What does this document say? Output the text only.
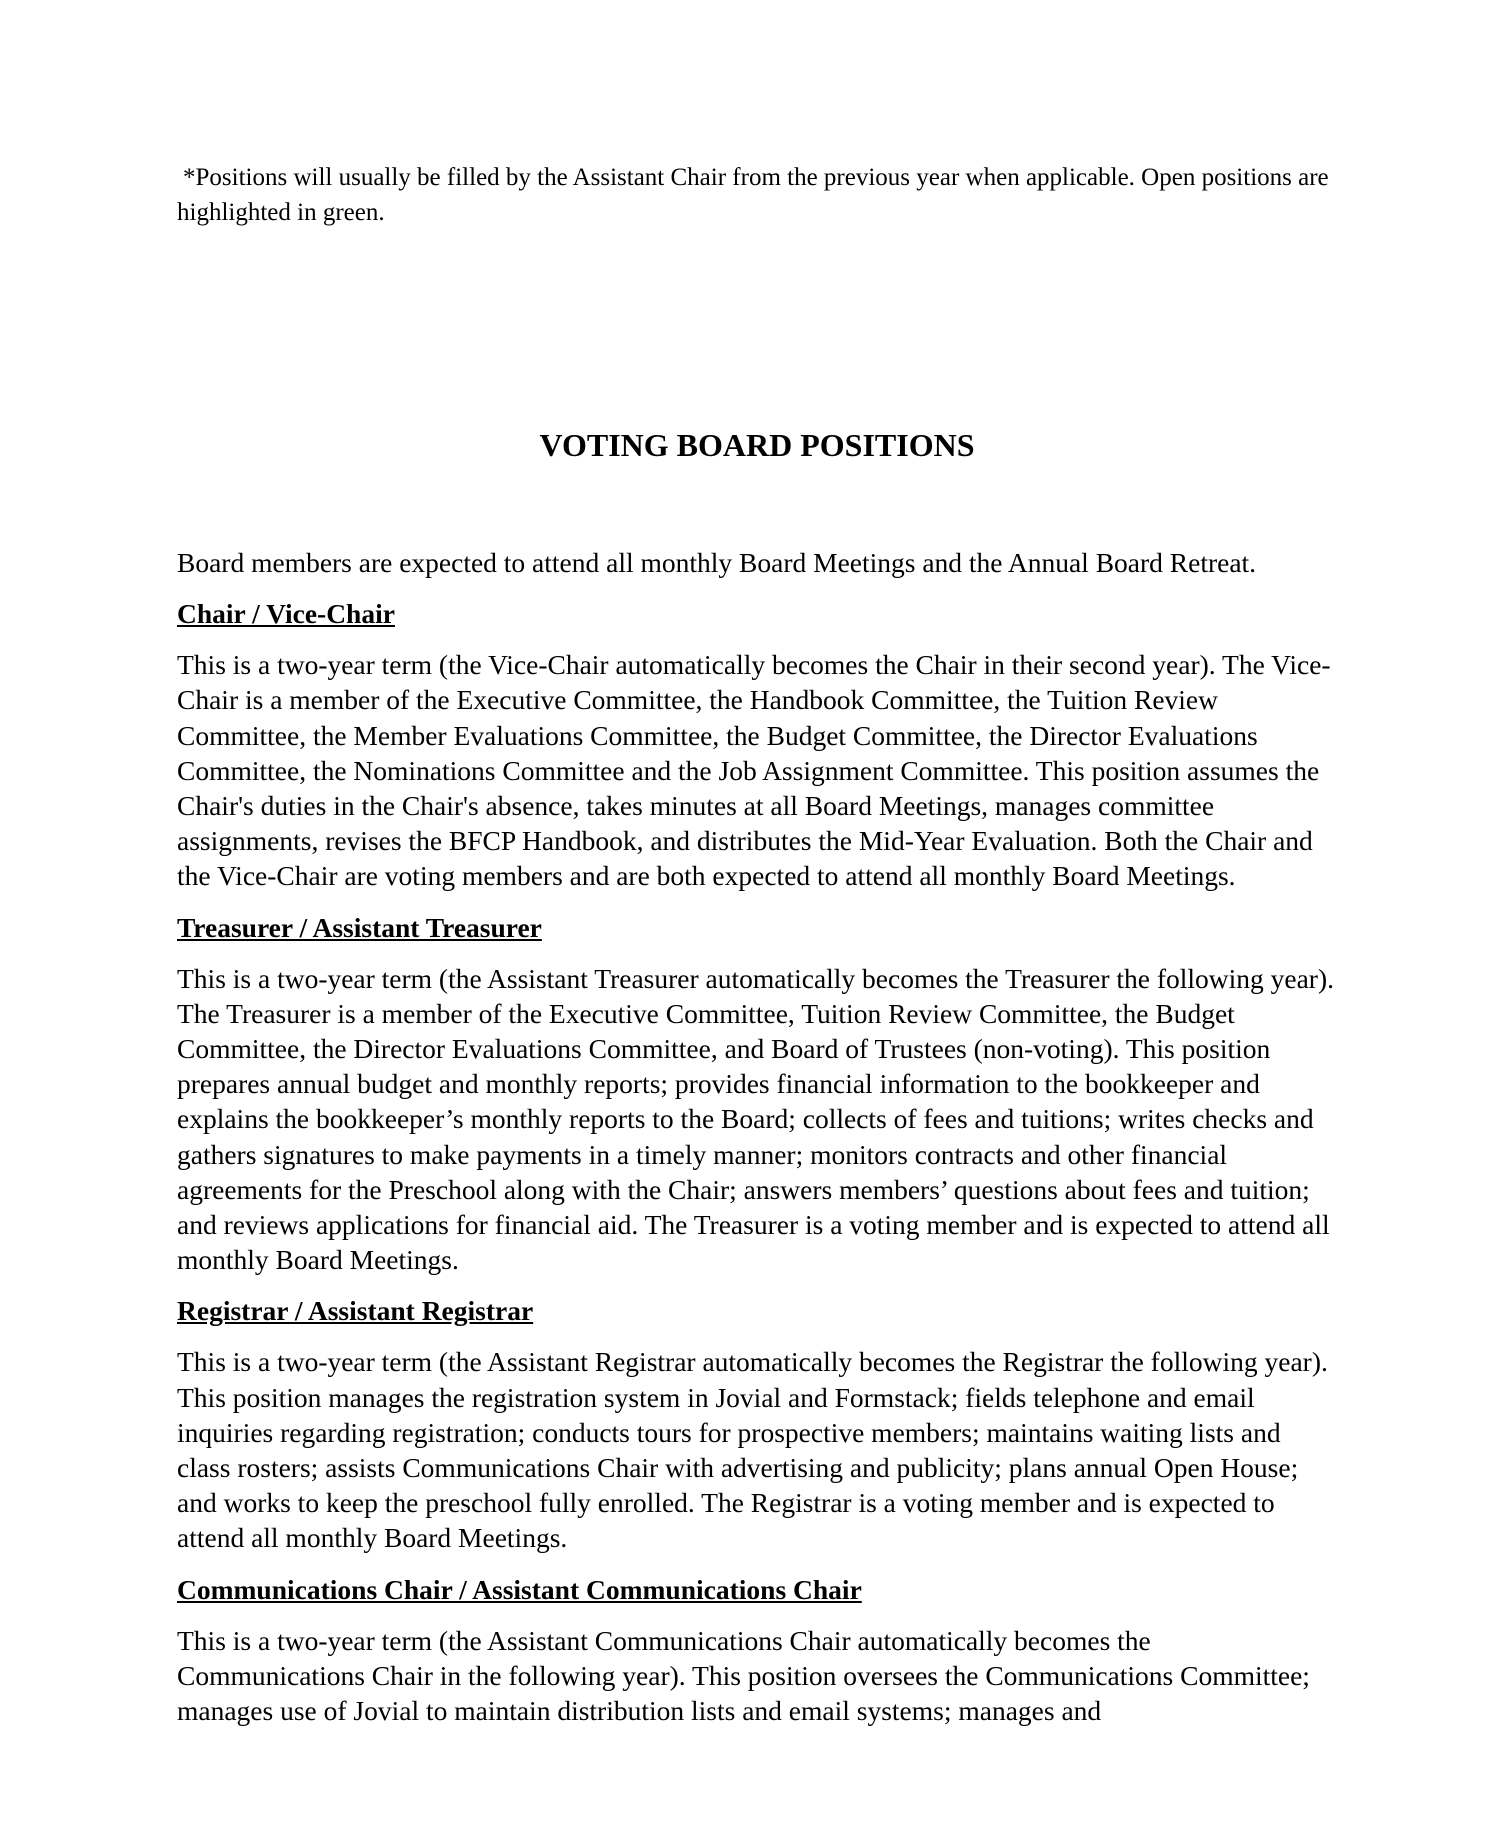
*Positions will usually be filled by the Assistant Chair from the previous year when applicable. Open positions are highlighted in green.

VOTING BOARD POSITIONS

Board members are expected to attend all monthly Board Meetings and the Annual Board Retreat.

Chair / Vice-Chair

This is a two-year term (the Vice-Chair automatically becomes the Chair in their second year). The Vice- Chair is a member of the Executive Committee, the Handbook Committee, the Tuition Review Committee, the Member Evaluations Committee, the Budget Committee, the Director Evaluations Committee, the Nominations Committee and the Job Assignment Committee. This position assumes the Chair's duties in the Chair's absence, takes minutes at all Board Meetings, manages committee assignments, revises the BFCP Handbook, and distributes the Mid-Year Evaluation. Both the Chair and the Vice-Chair are voting members and are both expected to attend all monthly Board Meetings.

Treasurer / Assistant Treasurer

This is a two-year term (the Assistant Treasurer automatically becomes the Treasurer the following year). The Treasurer is a member of the Executive Committee, Tuition Review Committee, the Budget Committee, the Director Evaluations Committee, and Board of Trustees (non-voting). This position prepares annual budget and monthly reports; provides financial information to the bookkeeper and explains the bookkeeper’s monthly reports to the Board; collects of fees and tuitions; writes checks and gathers signatures to make payments in a timely manner; monitors contracts and other financial agreements for the Preschool along with the Chair; answers members’ questions about fees and tuition; and reviews applications for financial aid. The Treasurer is a voting member and is expected to attend all monthly Board Meetings.

Registrar / Assistant Registrar

This is a two-year term (the Assistant Registrar automatically becomes the Registrar the following year). This position manages the registration system in Jovial and Formstack; fields telephone and email inquiries regarding registration; conducts tours for prospective members; maintains waiting lists and class rosters; assists Communications Chair with advertising and publicity; plans annual Open House; and works to keep the preschool fully enrolled. The Registrar is a voting member and is expected to attend all monthly Board Meetings.

Communications Chair / Assistant Communications Chair

This is a two-year term (the Assistant Communications Chair automatically becomes the Communications Chair in the following year). This position oversees the Communications Committee; manages use of Jovial to maintain distribution lists and email systems; manages and
